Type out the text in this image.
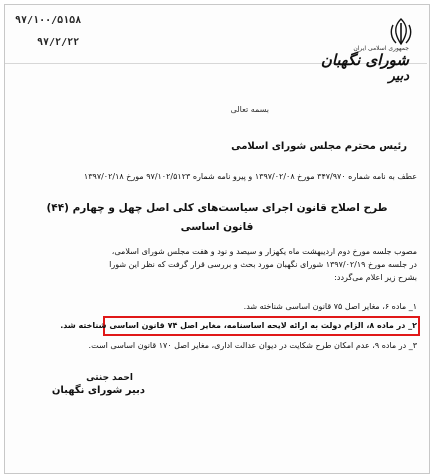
۹۷/۱۰۰/۵۱۵۸
۹۷/۲/۲۲
جمهوری اسلامی ایران
شورای نگهبان
دبیر
بسمه تعالی
رئیس محترم مجلس شورای اسلامی
عطف به نامه شماره ۳۴۷/۹۷۰ مورخ ۱۳۹۷/۰۲/۰۸ و پیرو نامه شماره ۹۷/۱۰۲/۵۱۲۳ مورخ ۱۳۹۷/۰۲/۱۸
طرح اصلاح قانون اجرای سیاست‌های کلی اصل چهل و چهارم (۴۴)
قانون اساسی
مصوب جلسه مورخ دوم اردیبهشت ماه یکهزار و سیصد و نود و هفت مجلس شورای اسلامی،
در جلسه مورخ ۱۳۹۷/۰۲/۱۹ شورای نگهبان مورد بحث و بررسی قرار گرفت که نظر این شورا
بشرح زیر اعلام می‌گردد:
۱_ ماده ۶، مغایر اصل ۷۵ قانون اساسی شناخته شد.
۲_ در ماده ۸، الزام دولت به ارائه لایحه اساسنامه، مغایر اصل ۷۴ قانون اساسی شناخته شد.
۳_ در ماده ۹، عدم امکان طرح شکایت در دیوان عدالت اداری، مغایر اصل ۱۷۰ قانون اساسی است.
احمد جنتی
دبیر شورای نگهبان
